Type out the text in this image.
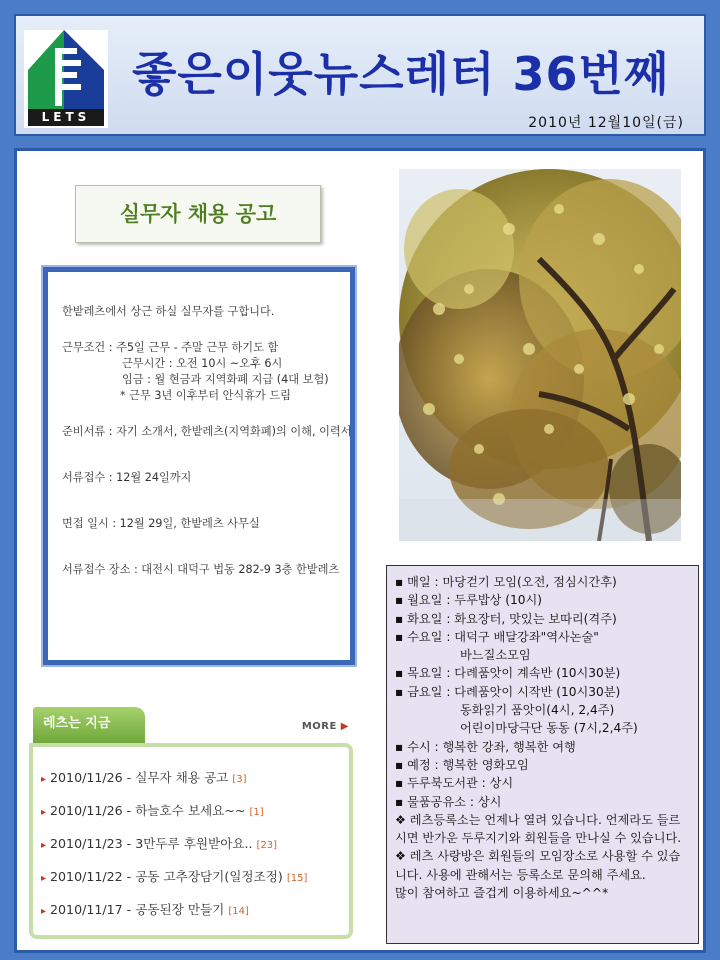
LETS
좋은이웃뉴스레터 36번째
2010년 12월10일(금)
실무자 채용 공고

한밭레츠에서 상근 하실 실무자를 구합니다.

근무조건 : 주5일 근무 - 주말 근무 하기도 함

근무시간 : 오전 10시 ~오후 6시

임금 : 월 현금과 지역화폐 지급 (4대 보험)

* 근무 3년 이후부터 안식휴가 드림

준비서류 : 자기 소개서, 한밭레츠(지역화폐)의 이해, 이력서

서류접수 : 12월 24일까지

면접 일시 : 12월 29일, 한밭레츠 사무실

서류접수 장소 : 대전시 대덕구 법동 282-9 3층 한밭레츠

▪ 매일 : 마당걷기 모임(오전, 점심시간후)

▪ 월요일 : 두루밥상 (10시)

▪ 화요일 : 화요장터, 맛있는 보따리(격주)

▪ 수요일 : 대덕구 배달강좌"역사논술"

바느질소모임

▪ 목요일 : 다례품앗이 계속반 (10시30분)

▪ 금요일 : 다례품앗이 시작반 (10시30분)

동화읽기 품앗이(4시, 2,4주)

어린이마당극단 동동 (7시,2,4주)

▪ 수시 : 행복한 강좌, 행복한 여행

▪ 예정 : 행복한 영화모임

▪ 두루북도서관 : 상시

▪ 물품공유소 : 상시

❖ 레츠등록소는 언제나 열려 있습니다. 언제라도 들르시면 반가운 두루지기와 회원들을 만나실 수 있습니다.

❖ 레츠 사랑방은 회원들의 모임장소로 사용할 수 있습니다. 사용에 관해서는 등록소로 문의해 주세요.

많이 참여하고 즐겁게 이용하세요~^^*

레츠는 지금	MORE ▶
▸ 2010/11/26 - 실무자 채용 공고 [3]
▸ 2010/11/26 - 하늘호수 보세요~~ [1]
▸ 2010/11/23 - 3만두루 후원받아요.. [23]
▸ 2010/11/22 - 공동 고추장담기(일정조정) [15]
▸ 2010/11/17 - 공동된장 만들기 [14]
